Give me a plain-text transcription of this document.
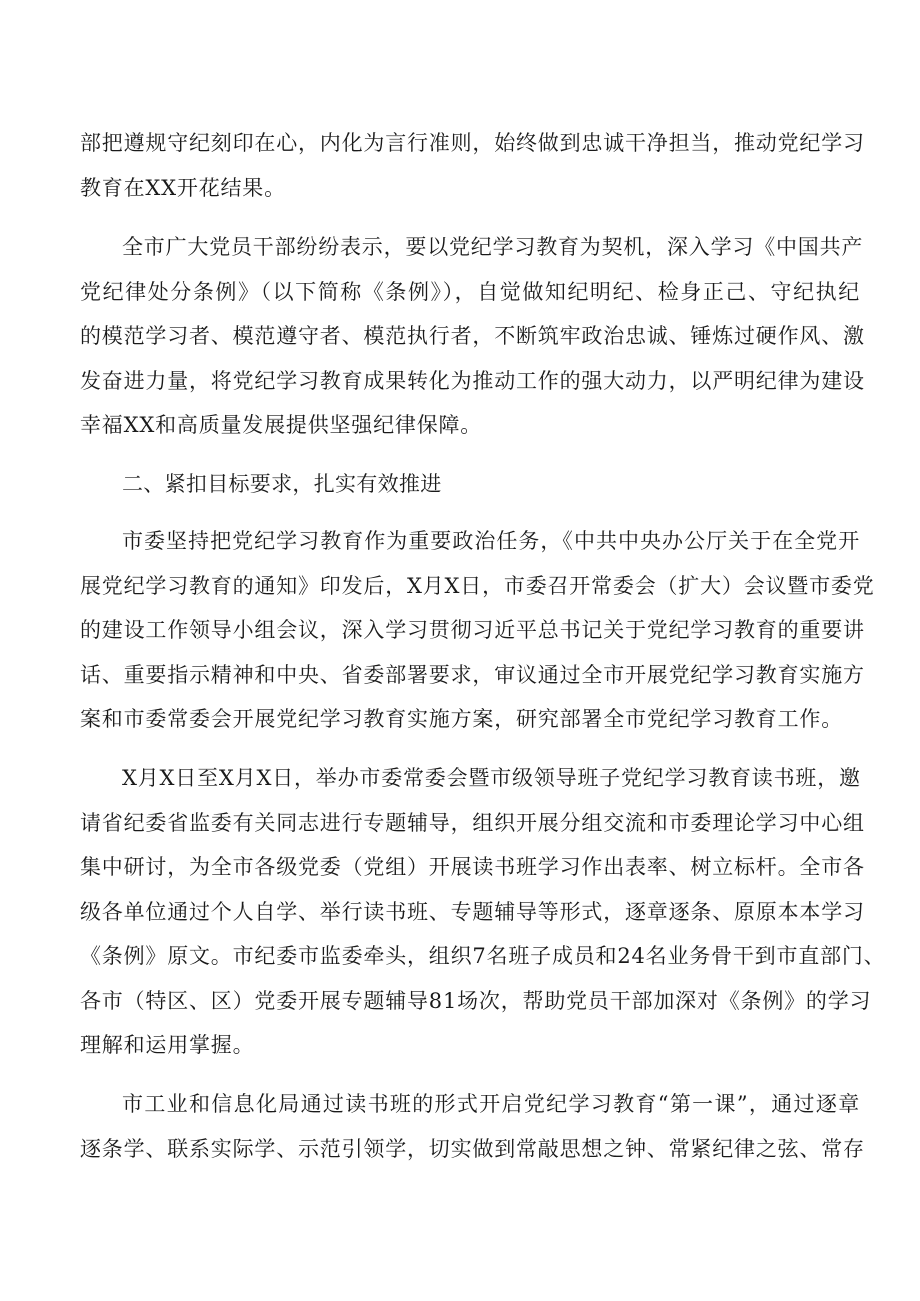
部把遵规守纪刻印在心，内化为言行准则，始终做到忠诚干净担当，推动党纪学习
教育在XX开花结果。
全市广大党员干部纷纷表示，要以党纪学习教育为契机，深入学习《中国共产
党纪律处分条例》（以下简称《条例》），自觉做知纪明纪、检身正己、守纪执纪
的模范学习者、模范遵守者、模范执行者，不断筑牢政治忠诚、锤炼过硬作风、激
发奋进力量，将党纪学习教育成果转化为推动工作的强大动力，以严明纪律为建设
幸福XX和高质量发展提供坚强纪律保障。
二、紧扣目标要求，扎实有效推进
市委坚持把党纪学习教育作为重要政治任务，《中共中央办公厅关于在全党开
展党纪学习教育的通知》印发后，X月X日，市委召开常委会（扩大）会议暨市委党
的建设工作领导小组会议，深入学习贯彻习近平总书记关于党纪学习教育的重要讲
话、重要指示精神和中央、省委部署要求，审议通过全市开展党纪学习教育实施方
案和市委常委会开展党纪学习教育实施方案，研究部署全市党纪学习教育工作。
X月X日至X月X日，举办市委常委会暨市级领导班子党纪学习教育读书班，邀
请省纪委省监委有关同志进行专题辅导，组织开展分组交流和市委理论学习中心组
集中研讨，为全市各级党委（党组）开展读书班学习作出表率、树立标杆。全市各
级各单位通过个人自学、举行读书班、专题辅导等形式，逐章逐条、原原本本学习
《条例》原文。市纪委市监委牵头，组织7名班子成员和24名业务骨干到市直部门、
各市（特区、区）党委开展专题辅导81场次，帮助党员干部加深对《条例》的学习
理解和运用掌握。
市工业和信息化局通过读书班的形式开启党纪学习教育“第一课”，通过逐章
逐条学、联系实际学、示范引领学，切实做到常敲思想之钟、常紧纪律之弦、常存
